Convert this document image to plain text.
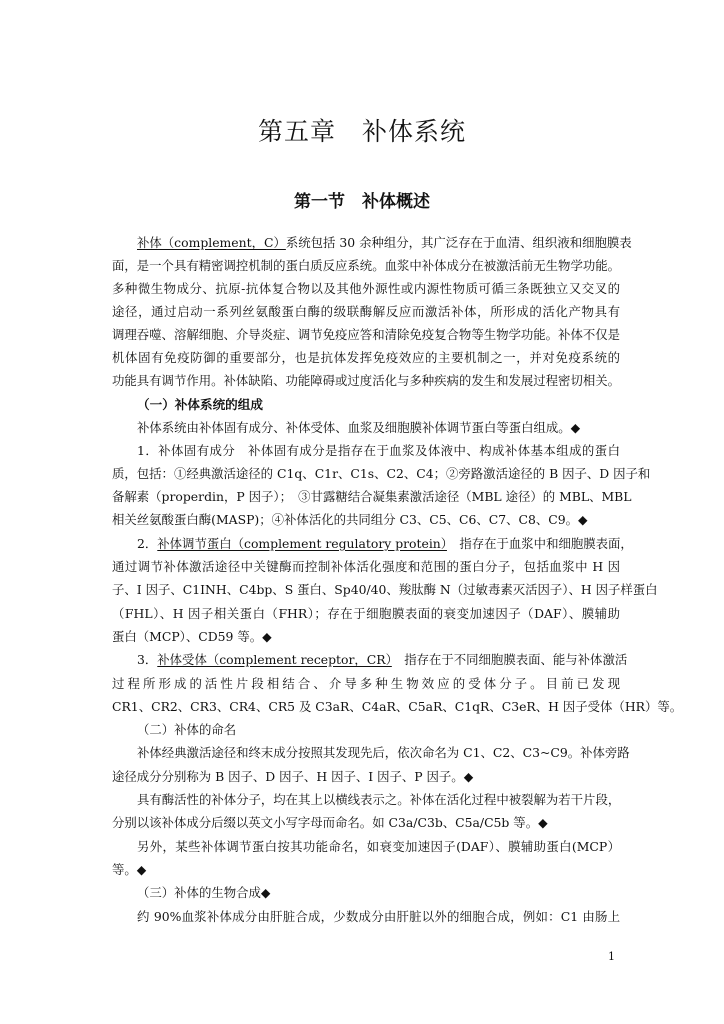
第五章　补体系统
第一节　补体概述
补体（complement，C）系统包括 30 余种组分，其广泛存在于血清、组织液和细胞膜表
面，是一个具有精密调控机制的蛋白质反应系统。血浆中补体成分在被激活前无生物学功能。
多种微生物成分、抗原-抗体复合物以及其他外源性或内源性物质可循三条既独立又交叉的
途径，通过启动一系列丝氨酸蛋白酶的级联酶解反应而激活补体，所形成的活化产物具有
调理吞噬、溶解细胞、介导炎症、调节免疫应答和清除免疫复合物等生物学功能。补体不仅是
机体固有免疫防御的重要部分，也是抗体发挥免疫效应的主要机制之一，并对免疫系统的
功能具有调节作用。补体缺陷、功能障碍或过度活化与多种疾病的发生和发展过程密切相关。
（一）补体系统的组成
补体系统由补体固有成分、补体受体、血浆及细胞膜补体调节蛋白等蛋白组成。◆
1．补体固有成分　补体固有成分是指存在于血浆及体液中、构成补体基本组成的蛋白
质，包括：①经典激活途径的 C1q、C1r、C1s、C2、C4；②旁路激活途径的 B 因子、D 因子和
备解素（properdin，P 因子）；　③甘露糖结合凝集素激活途径（MBL 途径）的 MBL、MBL
相关丝氨酸蛋白酶(MASP)；④补体活化的共同组分 C3、C5、C6、C7、C8、C9。◆
2．补体调节蛋白（complement regulatory protein）　指存在于血浆中和细胞膜表面，
通过调节补体激活途径中关键酶而控制补体活化强度和范围的蛋白分子，包括血浆中 H 因
子、I 因子、C1INH、C4bp、S 蛋白、Sp40/40、羧肽酶 N（过敏毒素灭活因子）、H 因子样蛋白
（FHL）、H 因子相关蛋白（FHR）；存在于细胞膜表面的衰变加速因子（DAF）、膜辅助
蛋白（MCP）、CD59 等。◆
3．补体受体（complement receptor，CR）　指存在于不同细胞膜表面、能与补体激活
过程所形成的活性片段相结合、介导多种生物效应的受体分子。目前已发现
CR1、CR2、CR3、CR4、CR5 及 C3aR、C4aR、C5aR、C1qR、C3eR、H 因子受体（HR）等。
（二）补体的命名
补体经典激活途径和终末成分按照其发现先后，依次命名为 C1、C2、C3~C9。补体旁路
途径成分分别称为 B 因子、D 因子、H 因子、I 因子、P 因子。◆
具有酶活性的补体分子，均在其上以横线表示之。补体在活化过程中被裂解为若干片段，
分别以该补体成分后缀以英文小写字母而命名。如 C3a/C3b、C5a/C5b 等。◆
另外，某些补体调节蛋白按其功能命名，如衰变加速因子(DAF）、膜辅助蛋白(MCP）
等。◆
（三）补体的生物合成◆
约 90%血浆补体成分由肝脏合成，少数成分由肝脏以外的细胞合成，例如：C1 由肠上
1
